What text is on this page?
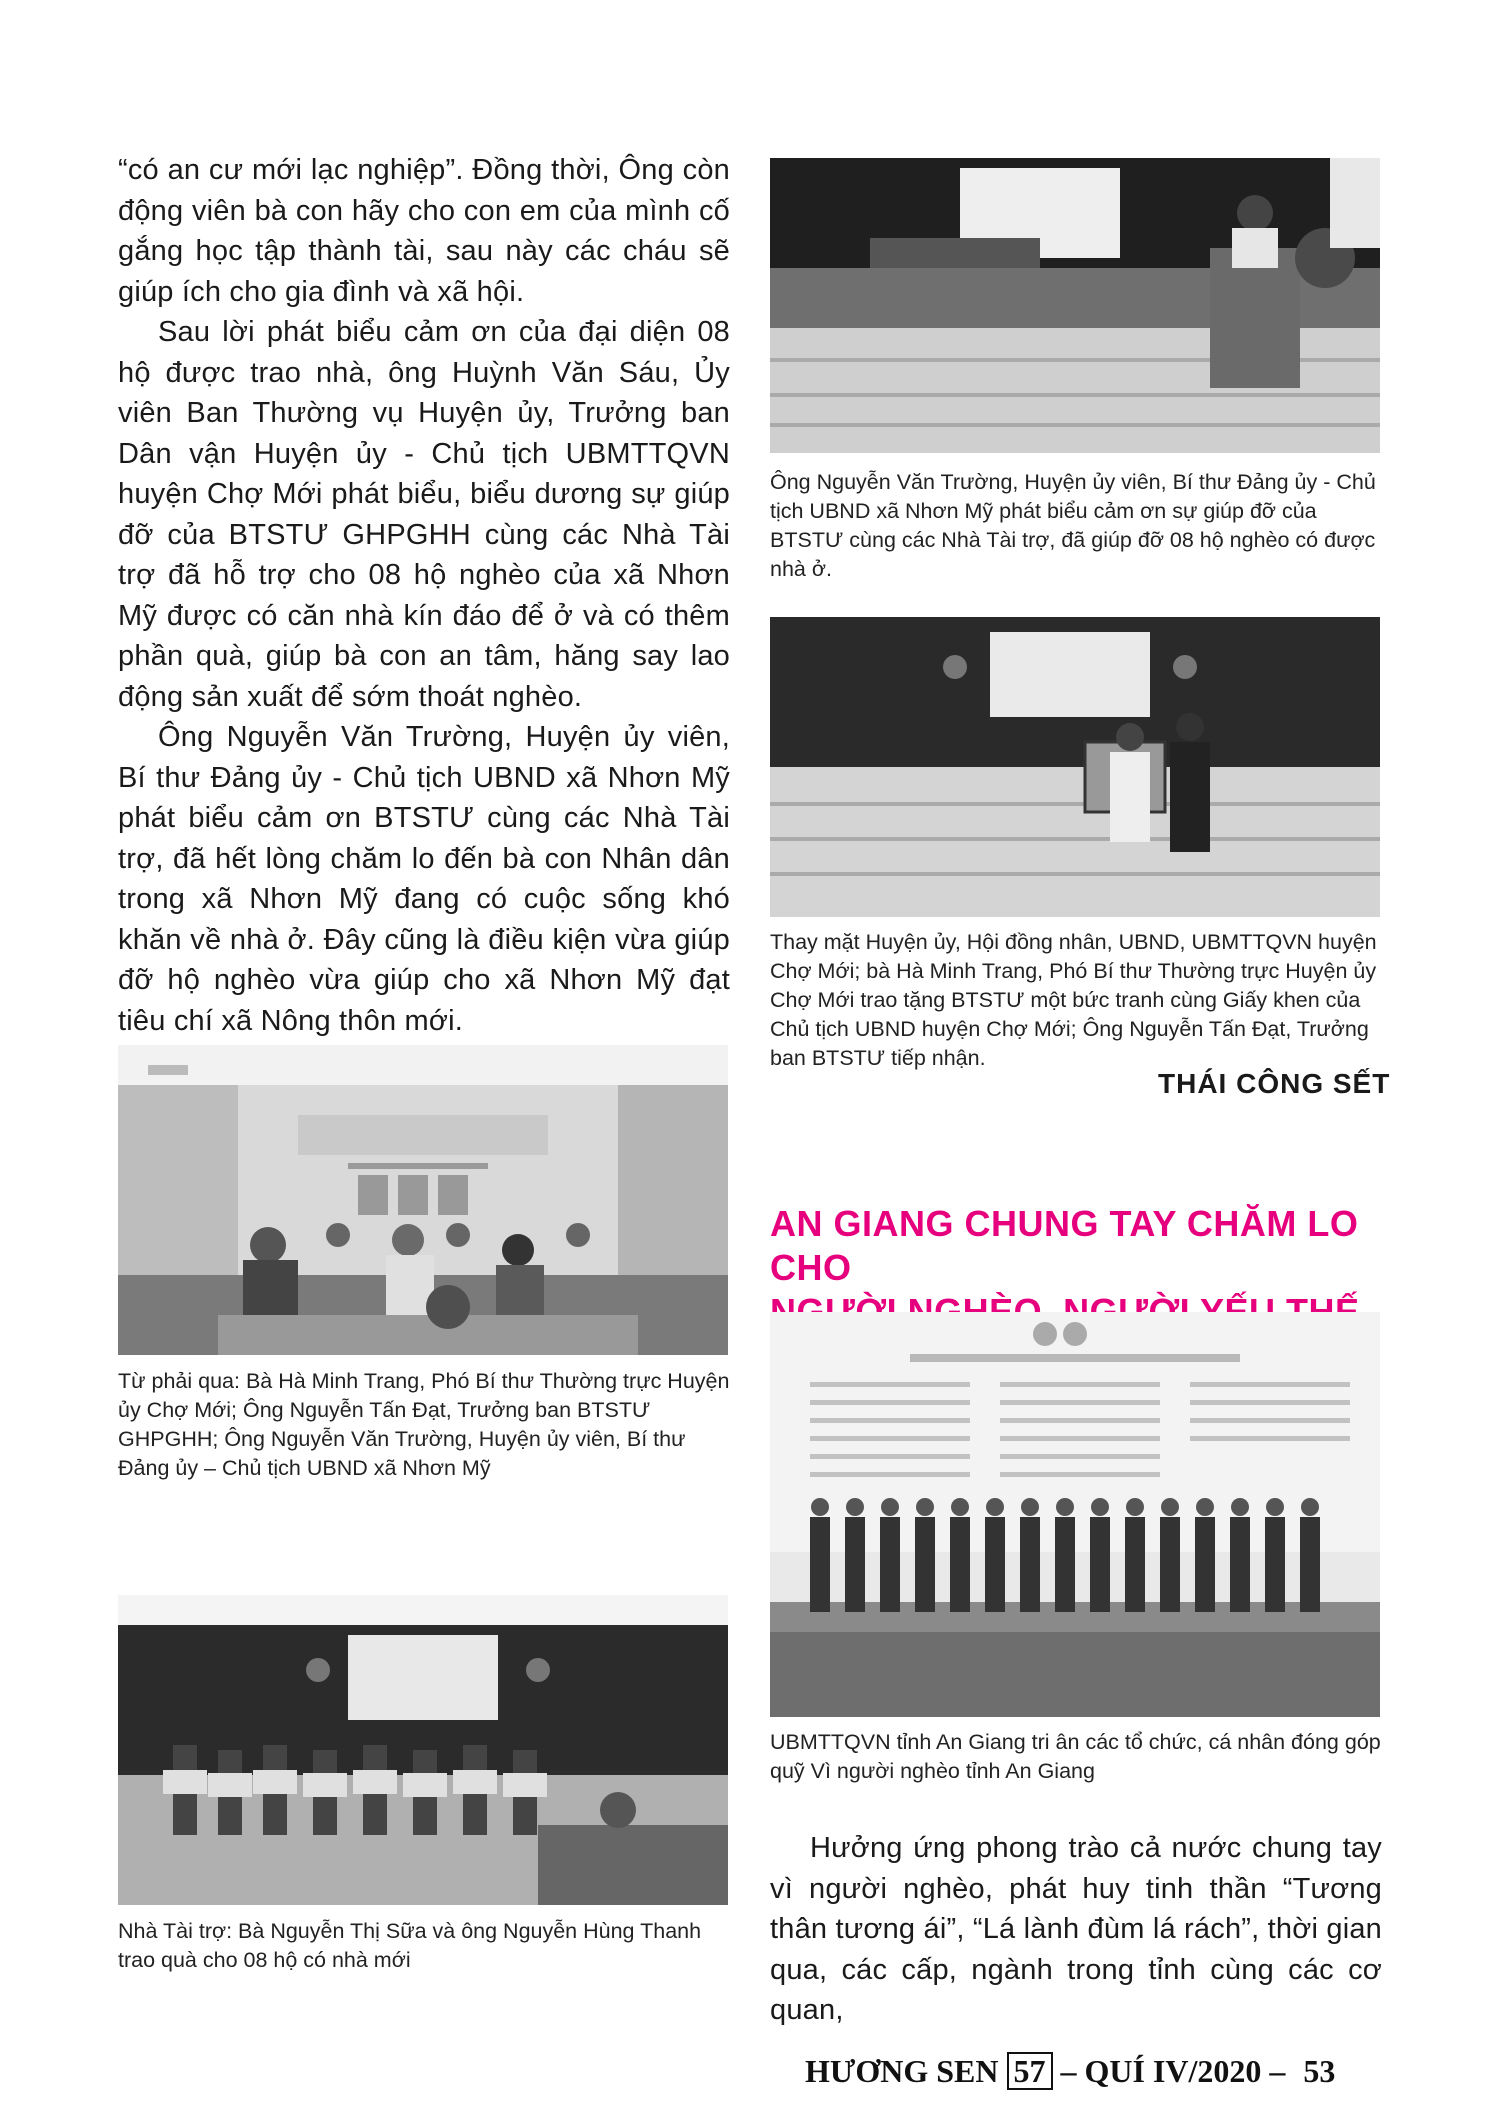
“có an cư mới lạc nghiệp”. Đồng thời, Ông còn động viên bà con hãy cho con em của mình cố gắng học tập thành tài, sau này các cháu sẽ giúp ích cho gia đình và xã hội.

Sau lời phát biểu cảm ơn của đại diện 08 hộ được trao nhà, ông Huỳnh Văn Sáu, Ủy viên Ban Thường vụ Huyện ủy, Trưởng ban Dân vận Huyện ủy - Chủ tịch UBMTTQVN huyện Chợ Mới phát biểu, biểu dương sự giúp đỡ của BTSTƯ GHPGHH cùng các Nhà Tài trợ đã hỗ trợ cho 08 hộ nghèo của xã Nhơn Mỹ được có căn nhà kín đáo để ở và có thêm phần quà, giúp bà con an tâm, hăng say lao động sản xuất để sớm thoát nghèo.

Ông Nguyễn Văn Trường, Huyện ủy viên, Bí thư Đảng ủy - Chủ tịch UBND xã Nhơn Mỹ phát biểu cảm ơn BTSTƯ cùng các Nhà Tài trợ, đã hết lòng chăm lo đến bà con Nhân dân trong xã Nhơn Mỹ đang có cuộc sống khó khăn về nhà ở. Đây cũng là điều kiện vừa giúp đỡ hộ nghèo vừa giúp cho xã Nhơn Mỹ đạt tiêu chí xã Nông thôn mới.

Từ phải qua: Bà Hà Minh Trang, Phó Bí thư Thường trực Huyện ủy Chợ Mới; Ông Nguyễn Tấn Đạt, Trưởng ban BTSTƯ GHPGHH; Ông Nguyễn Văn Trường, Huyện ủy viên, Bí thư Đảng ủy – Chủ tịch UBND xã Nhơn Mỹ
Nhà Tài trợ: Bà Nguyễn Thị Sữa và ông Nguyễn Hùng Thanh trao quà cho 08 hộ có nhà mới
Ông Nguyễn Văn Trường, Huyện ủy viên, Bí thư Đảng ủy - Chủ tịch UBND xã Nhơn Mỹ phát biểu cảm ơn sự giúp đỡ của BTSTƯ cùng các Nhà Tài trợ, đã giúp đỡ 08 hộ nghèo có được nhà ở.
Thay mặt Huyện ủy, Hội đồng nhân, UBND, UBMTTQVN huyện Chợ Mới; bà Hà Minh Trang, Phó Bí thư Thường trực Huyện ủy Chợ Mới trao tặng BTSTƯ một bức tranh cùng Giấy khen của Chủ tịch UBND huyện Chợ Mới; Ông Nguyễn Tấn Đạt, Trưởng ban BTSTƯ tiếp nhận.
THÁI CÔNG SẾT
AN GIANG CHUNG TAY CHĂM LO CHO
UBMTTQVN tỉnh An Giang tri ân các tổ chức, cá nhân đóng góp quỹ Vì người nghèo tỉnh An Giang

Hưởng ứng phong trào cả nước chung tay vì người nghèo, phát huy tinh thần “Tương thân tương ái”, “Lá lành đùm lá rách”, thời gian qua, các cấp, ngành trong tỉnh cùng các cơ quan,

HƯƠNG SEN 57 – QUÍ IV/2020 – 53
